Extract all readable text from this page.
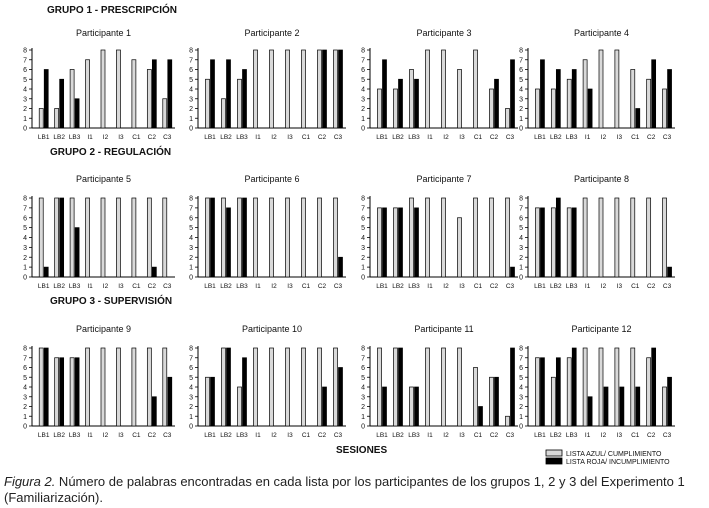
GRUPO 1 - PRESCRIPCIÓN
GRUPO 2 - REGULACIÓN
GRUPO 3 - SUPERVISIÓN
Participante 1
0
1
2
3
4
5
6
7
8
LB1 LB2 LB3 I1 I2 I3 C1 C2 C3
Participante 2
0
1
2
3
4
5
6
7
8
LB1 LB2 LB3 I1 I2 I3 C1 C2 C3
Participante 3
0
1
2
3
4
5
6
7
8
LB1 LB2 LB3 I1 I2 I3 C1 C2 C3
Participante 4
0
1
2
3
4
5
6
7
8
LB1 LB2 LB3 I1 I2 I3 C1 C2 C3
Participante 5
0
1
2
3
4
5
6
7
8
LB1 LB2 LB3 I1 I2 I3 C1 C2 C3
Participante 6
0
1
2
3
4
5
6
7
8
LB1 LB2 LB3 I1 I2 I3 C1 C2 C3
Participante 7
0
1
2
3
4
5
6
7
8
LB1 LB2 LB3 I1 I2 I3 C1 C2 C3
Participante 8
0
1
2
3
4
5
6
7
8
LB1 LB2 LB3 I1 I2 I3 C1 C2 C3
Participante 9
0
1
2
3
4
5
6
7
8
LB1 LB2 LB3 I1 I2 I3 C1 C2 C3
Participante 10
0
1
2
3
4
5
6
7
8
LB1 LB2 LB3 I1 I2 I3 C1 C2 C3
Participante 11
0
1
2
3
4
5
6
7
8
LB1 LB2 LB3 I1 I2 I3 C1 C2 C3
Participante 12
0
1
2
3
4
5
6
7
8
LB1 LB2 LB3 I1 I2 I3 C1 C2 C3
SESIONES	LISTA AZUL/ CUMPLIMIENTO
LISTA ROJA/ INCUMPLIMIENTO
Figura 2. Número de palabras encontradas en cada lista por los participantes de los grupos 1, 2 y 3 del Experimento 1 (Familiarización).
